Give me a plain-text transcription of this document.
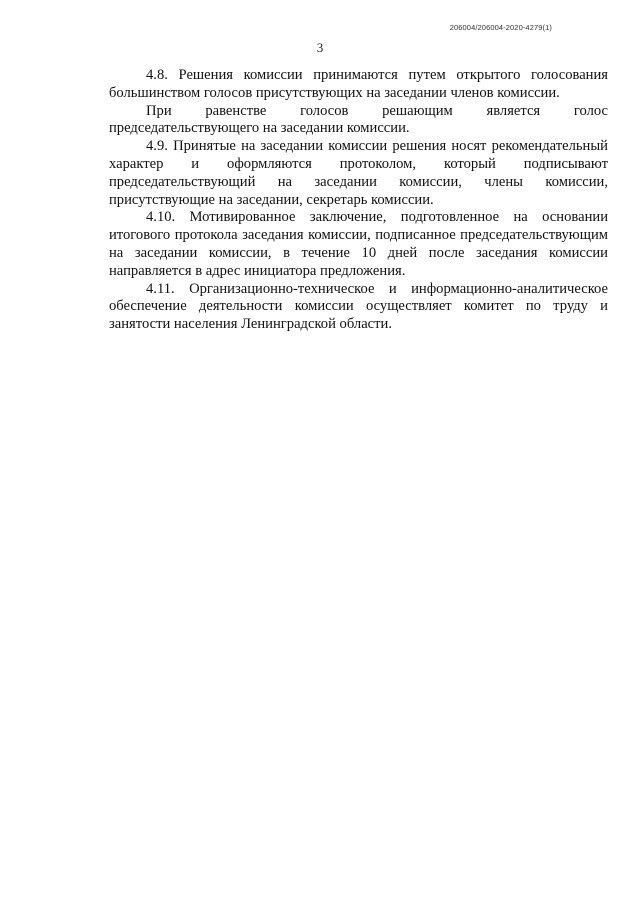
206004/206004-2020-4279(1)
3

4.8. Решения комиссии принимаются путем открытого голосования большинством голосов присутствующих на заседании членов комиссии.

При равенстве голосов решающим является голос председательствующего на заседании комиссии.

4.9. Принятые на заседании комиссии решения носят рекомендательный характер и оформляются протоколом, который подписывают председательствующий на заседании комиссии, члены комиссии, присутствующие на заседании, секретарь комиссии.

4.10. Мотивированное заключение, подготовленное на основании итогового протокола заседания комиссии, подписанное председательствующим на заседании комиссии, в течение 10 дней после заседания комиссии направляется в адрес инициатора предложения.

4.11. Организационно-техническое и информационно-аналитическое обеспечение деятельности комиссии осуществляет комитет по труду и занятости населения Ленинградской области.
